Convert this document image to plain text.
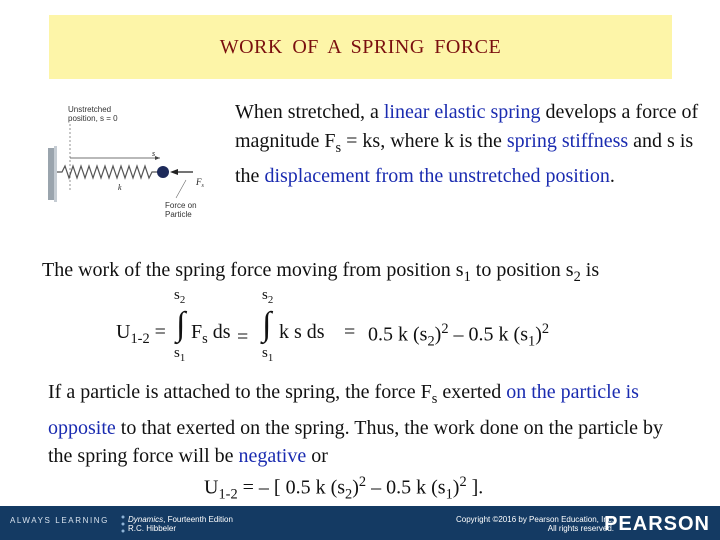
WORK OF A SPRING FORCE
Unstretched
position, s = 0
s
k
$F_s$
Force on
Particle
When stretched, a linear elastic spring develops a force of magnitude $F_s$ = ks, where k is the spring stiffness and s is the displacement from the unstretched position.
The work of the spring force moving from position $s_1$ to position $s_2$ is
$U_{1-2}$ =
$s_2$
∫
$s_1$
$F_s$ ds =
$s_2$
∫
$s_1$
k s ds = 0.5 k $(s_2)^2 - 0.5$ k $(s_1)^2$
If a particle is attached to the spring, the force $F_s$ exerted on the particle is opposite to that exerted on the spring. Thus, the work done on the particle by the spring force will be negative or
$U_{1-2}$ = – [ 0.5 k $(s_2)^2 - 0.5$ k $(s_1)^2$ ].
ALWAYS LEARNING Dynamics, Fourteenth Edition
R.C. Hibbeler
Copyright ©2016 by Pearson Education, Inc.
All rights reserved.
PEARSON
